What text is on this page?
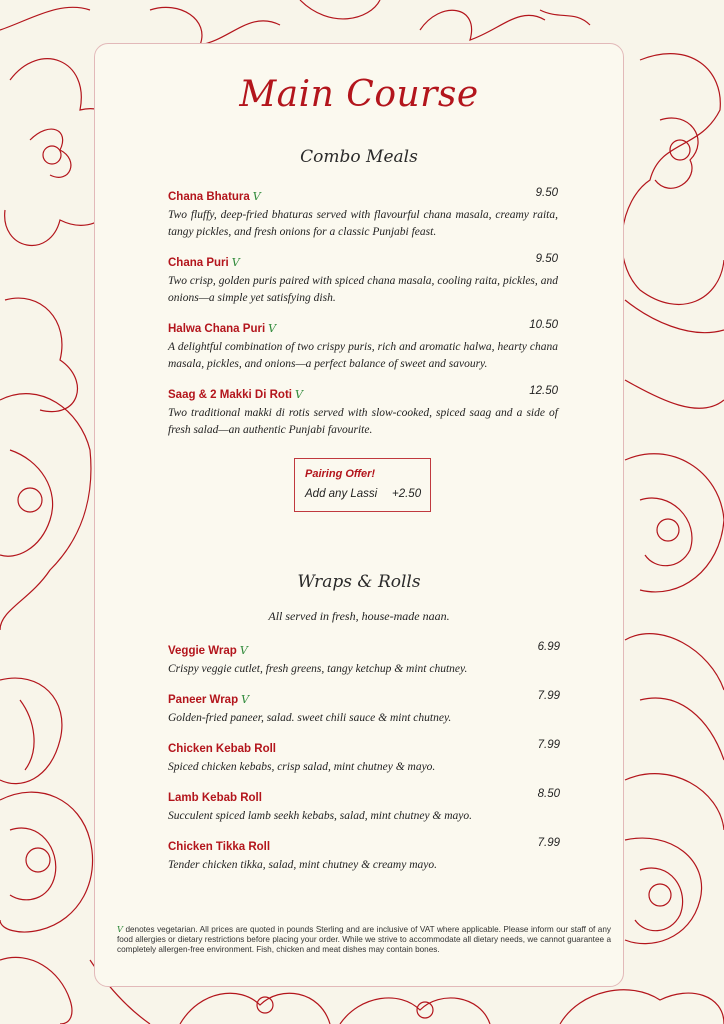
Main Course
Combo Meals
Chana Bhatura V	9.50
Two fluffy, deep-fried bhaturas served with flavourful chana masala, creamy raita, tangy pickles, and fresh onions for a classic Punjabi feast.
Chana Puri V	9.50
Two crisp, golden puris paired with spiced chana masala, cooling raita, pickles, and onions—a simple yet satisfying dish.
Halwa Chana Puri V	10.50
A delightful combination of two crispy puris, rich and aromatic halwa, hearty chana masala, pickles, and onions—a perfect balance of sweet and savoury.
Saag & 2 Makki Di Roti V	12.50
Two traditional makki di rotis served with slow-cooked, spiced saag and a side of fresh salad—an authentic Punjabi favourite.
Pairing Offer!
Add any Lassi +2.50
Wraps & Rolls
All served in fresh, house-made naan.
Veggie Wrap V	6.99
Crispy veggie cutlet, fresh greens, tangy ketchup & mint chutney.
Paneer Wrap V	7.99
Golden-fried paneer, salad. sweet chili sauce & mint chutney.
Chicken Kebab Roll	7.99
Spiced chicken kebabs, crisp salad, mint chutney & mayo.
Lamb Kebab Roll	8.50
Succulent spiced lamb seekh kebabs, salad, mint chutney & mayo.
Chicken Tikka Roll	7.99
Tender chicken tikka, salad, mint chutney & creamy mayo.
V denotes vegetarian. All prices are quoted in pounds Sterling and are inclusive of VAT where applicable. Please inform our staff of any food allergies or dietary restrictions before placing your order. While we strive to accommodate all dietary needs, we cannot guarantee a completely allergen-free environment. Fish, chicken and meat dishes may contain bones.
